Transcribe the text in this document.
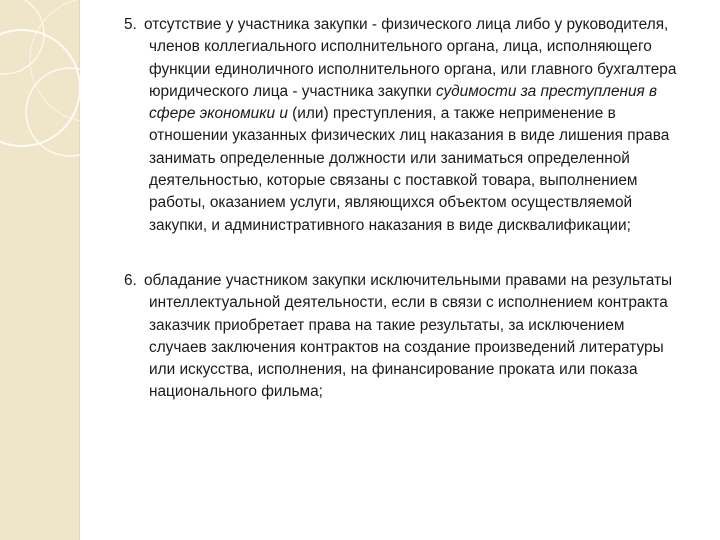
5. отсутствие у участника закупки - физического лица либо у руководителя, членов коллегиального исполнительного органа, лица, исполняющего функции единоличного исполнительного органа, или главного бухгалтера юридического лица - участника закупки судимости за преступления в сфере экономики и (или) преступления, а также неприменение в отношении указанных физических лиц наказания в виде лишения права занимать определенные должности или заниматься определенной деятельностью, которые связаны с поставкой товара, выполнением работы, оказанием услуги, являющихся объектом осуществляемой закупки, и административного наказания в виде дисквалификации;

6. обладание участником закупки исключительными правами на результаты интеллектуальной деятельности, если в связи с исполнением контракта заказчик приобретает права на такие результаты, за исключением случаев заключения контрактов на создание произведений литературы или искусства, исполнения, на финансирование проката или показа национального фильма;
